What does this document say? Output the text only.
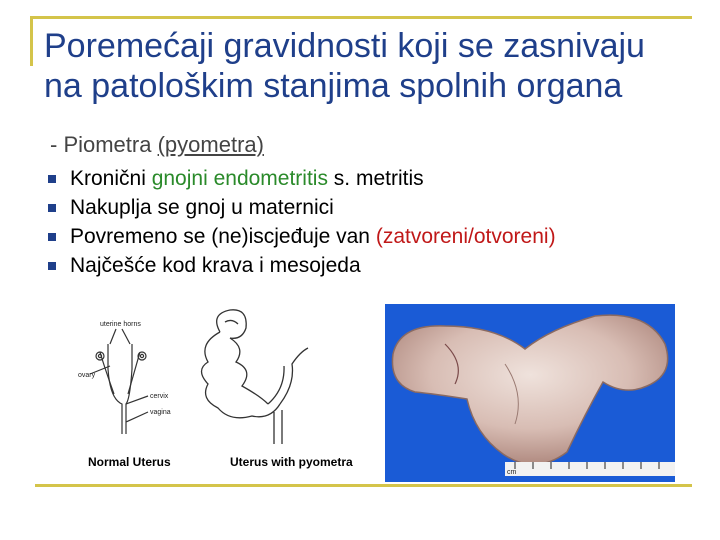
Poremećaji gravidnosti koji se zasnivaju na patološkim stanjima spolnih organa
- Piometra (pyometra)
Kronični gnojni endometritis s. metritis
Nakuplja se gnoj u maternici
Povremeno se (ne)iscjeđuje van (zatvoreni/otvoreni)
Najčešće kod krava i mesojeda
uterine horns
ovary
cervix
vagina
Normal Uterus	Uterus with pyometra
cm
